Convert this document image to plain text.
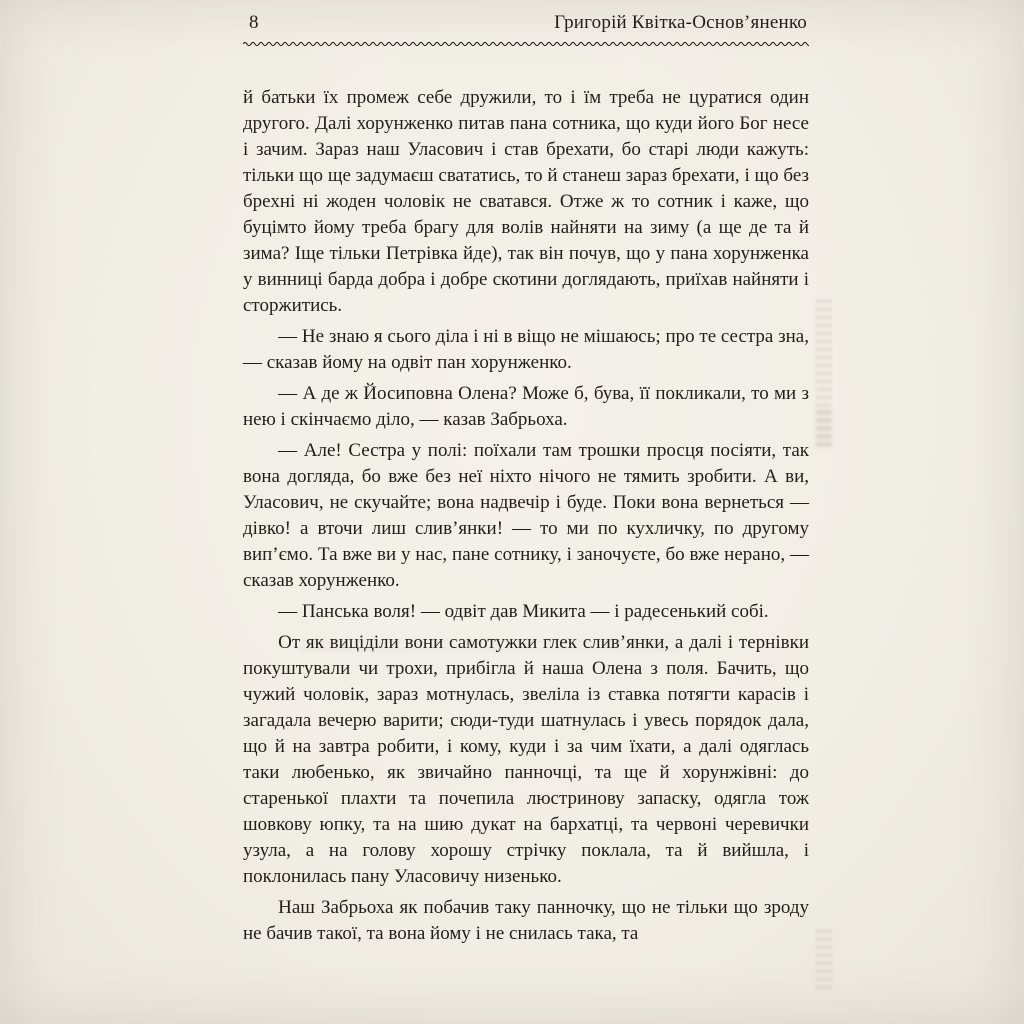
8	Григорій Квітка-Основ’яненко

й батьки їх промеж себе дружили, то і їм треба не цуратися один другого. Далі хорунженко питав пана сотника, що куди його Бог несе і зачим. Зараз наш Уласович і став брехати, бо старі люди кажуть: тільки що ще задумаєш свататись, то й станеш зараз брехати, і що без брехні ні жоден чоловік не сватався. Отже ж то сотник і каже, що буцімто йому треба брагу для волів найняти на зиму (а ще де та й зима? Іще тільки Петрівка йде), так він почув, що у пана хорунженка у винниці барда добра і добре скотини доглядають, приїхав найняти і сторжитись.

— Не знаю я сього діла і ні в віщо не мішаюсь; про те сестра зна, — сказав йому на одвіт пан хорунженко.

— А де ж Йосиповна Олена? Може б, бува, її покликали, то ми з нею і скінчаємо діло, — казав Забрьоха.

— Але! Сестра у полі: поїхали там трошки просця посіяти, так вона догляда, бо вже без неї ніхто нічого не тямить зробити. А ви, Уласович, не скучайте; вона надвечір і буде. Поки вона вернеться — дівко! а вточи лиш слив’янки! — то ми по кухличку, по другому вип’ємо. Та вже ви у нас, пане сотнику, і заночуєте, бо вже нерано, — сказав хорунженко.

— Панська воля! — одвіт дав Микита — і радесенький собі.

От як виціділи вони самотужки глек слив’янки, а далі і тернівки покуштували чи трохи, прибігла й наша Олена з поля. Бачить, що чужий чоловік, зараз мотнулась, звеліла із ставка потягти карасів і загадала вечерю варити; сюди-туди шатнулась і увесь порядок дала, що й на завтра робити, і кому, куди і за чим їхати, а далі одяглась таки любенько, як звичайно панночці, та ще й хорунжівні: до старенької плахти та почепила люстринову запаску, одягла тож шовкову юпку, та на шию дукат на бархатці, та червоні черевички узула, а на голову хорошу стрічку поклала, та й вийшла, і поклонилась пану Уласовичу низенько.

Наш Забрьоха як побачив таку панночку, що не тільки що зроду не бачив такої, та вона йому і не снилась така, та
